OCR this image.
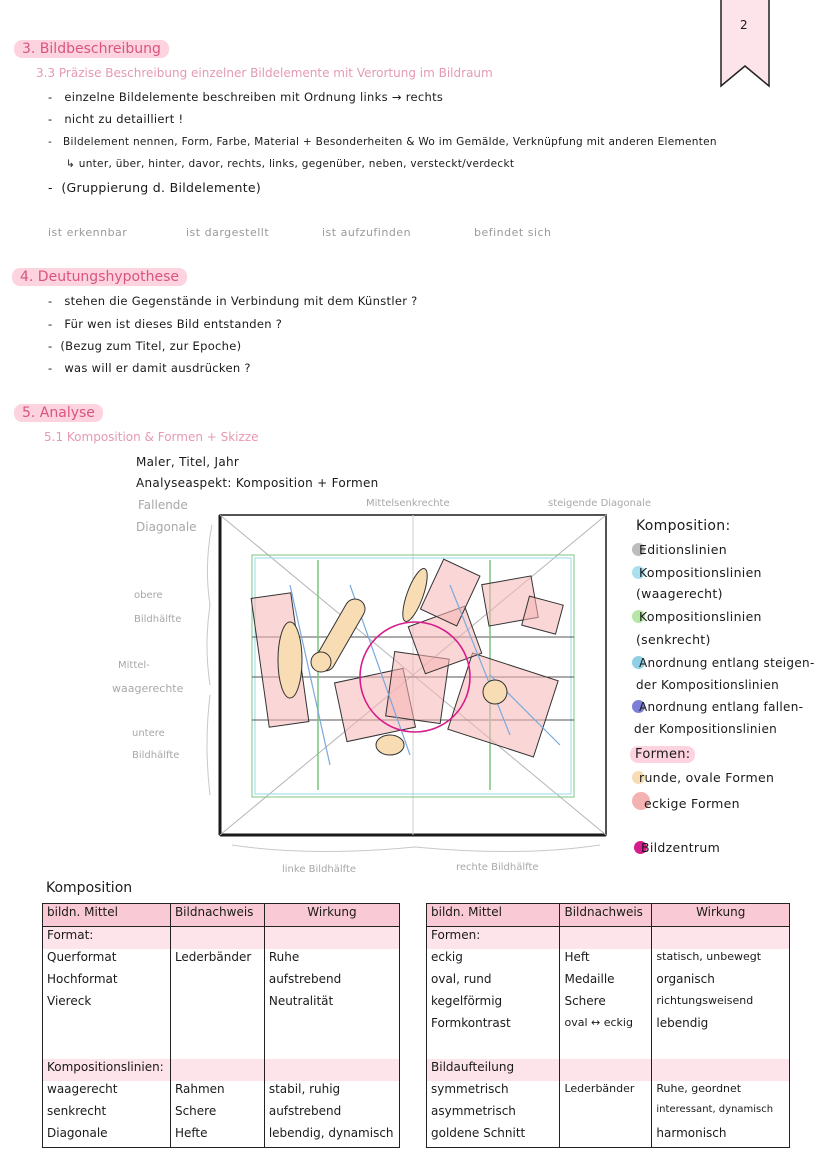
2
3. Bildbeschreibung
3.3 Präzise Beschreibung einzelner Bildelemente mit Verortung im Bildraum
-   einzelne Bildelemente beschreiben mit Ordnung links → rechts
-   nicht zu detailliert !
-   Bildelement nennen, Form, Farbe, Material + Besonderheiten & Wo im Gemälde, Verknüpfung mit anderen Elementen
↳ unter, über, hinter, davor, rechts, links, gegenüber, neben, versteckt/verdeckt
-  (Gruppierung d. Bildelemente)
ist erkennbar	ist dargestellt	ist aufzufinden	befindet sich
4. Deutungshypothese
-   stehen die Gegenstände in Verbindung mit dem Künstler ?
-   Für wen ist dieses Bild entstanden ?
-  (Bezug zum Titel, zur Epoche)
-   was will er damit ausdrücken ?
5. Analyse
5.1 Komposition & Formen + Skizze
Maler, Titel, Jahr
Analyseaspekt: Komposition + Formen
Fallende
Diagonale
Mittelsenkrechte	steigende Diagonale
obere
Bildhälfte
Mittel-
waagerechte
untere
Bildhälfte
linke Bildhälfte	rechte Bildhälfte
Komposition:
Editionslinien
Kompositionslinien
(waagerecht)
Kompositionslinien
(senkrecht)
Anordnung entlang steigen-
der Kompositionslinien
Anordnung entlang fallen-
der Kompositionslinien
Formen:
runde, ovale Formen
eckige Formen
Bildzentrum
Komposition
bildn. Mittel	Bildnachweis	Wirkung
Format:		
Querformat	Lederbänder	Ruhe
Hochformat		aufstrebend
Viereck		Neutralität

Kompositionslinien:		
waagerecht	Rahmen	stabil, ruhig
senkrecht	Schere	aufstrebend
Diagonale	Hefte	lebendig, dynamisch
bildn. Mittel	Bildnachweis	Wirkung
Formen:		
eckig	Heft	statisch, unbewegt
oval, rund	Medaille	organisch
kegelförmig	Schere	richtungsweisend
Formkontrast	oval ↔ eckig	lebendig

Bildaufteilung		
symmetrisch	Lederbänder	Ruhe, geordnet
asymmetrisch		interessant, dynamisch
goldene Schnitt		harmonisch
